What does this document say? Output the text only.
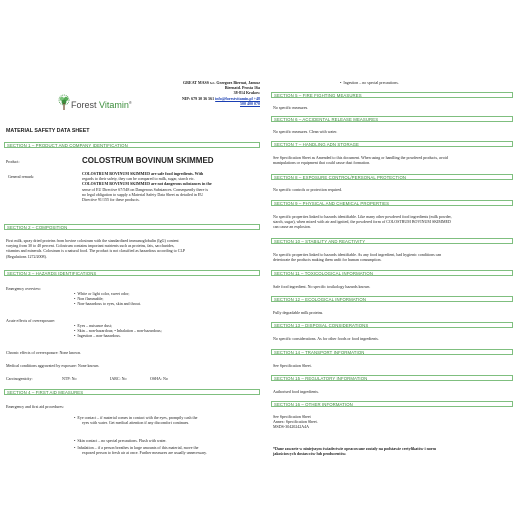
Forest Vitamin®
GREAT MASS s.c. Grzegorz Biernat, Janusz
Biernatd. Prosta 16a
38-814 Krakow
NIP: 679 30 36 561 info@forestvitamin.pl +48
500 400 070
MATERIAL SAFETY DATA SHEET
SECTION 1 – PRODUCT AND COMPANY IDENTIFICATION
Product:	COLOSTRUM BOVINUM SKIMMED
General remark:
COLOSTRUM BOVINUM SKIMMED are safe food ingredients. With
regards to their safety, they can be compared to milk, sugar, starch etc.
COLOSTRUM BOVINUM SKIMMED are not dangerous substances in the
sense of EU Directive 67/548 on Dangerous Substances. Consequently there is
no legal obligation to supply a Material Safety Data Sheet as detailed in EU
Directive 91/155 for these products.
SECTION 2 – COMPOSITION
First milk, spray dried proteins from bovine colostrum with the standardized immunoglobulin (IgG) content
varying from 30 to 40 percent. Colostrum contains important nutrients such as proteins, fats, saccharides,
vitamins and minerals. Colostrum is a natural food. The product is not classified as hazardous according to CLP
(Regulations 1272/2008).
SECTION 3 – HAZARDS IDENTIFICATIONS
Emergency overview:
•  White or light color, sweet odor;
•  Non flammable;
•  Non-hazardous to eyes, skin and throat.
Acute effects of overexposure:
•  Eyes – nuisance dust;
•  Skin – non-hazardous; • Inhalation – non-hazardous;
•  Ingestion – non-hazardous.
Chronic effects of overexposure: None known.
Medical conditions aggravated by exposure: None known.
Carcinogenicity:	NTP: No	IARC: No	OSHA: No
SECTION 4 – FIRST AID MEASURES
Emergency and first aid procedures:
•  Eye contact – if material comes in contact with the eyes, promptly cash the
eyes with water. Get medical attention if any discomfort continues.
•  Skin contact – no special precautions. Flush with water.
•  Inhalation – if a person breathes in large amounts of this material, move the
exposed person to fresh air at once. Further measures are usually unnecessary.
•  Ingestion – no special precautions.
SECTION 5 – FIRE FIGHTING MEASURES
No specific measures.
SECTION 6 – ACCIDENTAL RELEASE MEASURES
No specific measures. Clean with water.
SECTION 7 – HANDLING ADN STORAGE
See Specification Sheet as Amended to this document. When using or handling the powdered products, avoid
manipulations or equipment that could cause dust formation.
SECTION 8 – EXPOSURE CONTROL/PERSONAL PROTECTION
No specific controls or protection required.
SECTION 9 – PHYSICAL AND CHEMICAL PROPERTIES
No specific properties linked to hazards identifiable. Like many other powdered food ingredients (milk powder,
starch, sugar), when mixed with air and ignited, the powdered form of COLOSTRUM BOVINUM SKIMMED
can cause an explosion.
SECTION 10 – STABILITY AND REACTIVITY
No specific properties linked to hazards identifiable. As any food ingredient, bad hygienic conditions can
deteriorate the products making them unfit for human consumption.
SECTION 11 – TOXICOLOGICAL INFORMATION
Safe food ingredient. No specific toxikology hazards known.
SECTION 12 – ECOLOGICAL INFORMATION
Fully degradable milk proteins.
SECTION 13 – DISPOSAL CONSIDERATIONS
No specific considerations. As for other foods or food ingredients.
SECTION 14 – TRANSPORT INFORMATION
See Specification Sheet.
SECTION 15 – REGULATORY INFORMATION
Authorised food ingredients.
SECTION 16 – OTHER INFORMATION
See Specification Sheet
Annex: Specification Sheet.
MSDS-30420242A4A
*Dane zawarte w niniejszym świadectwie opracowane zostały na podstawie certyfikatów i norm
jakościowych dostawców lub producentów.
